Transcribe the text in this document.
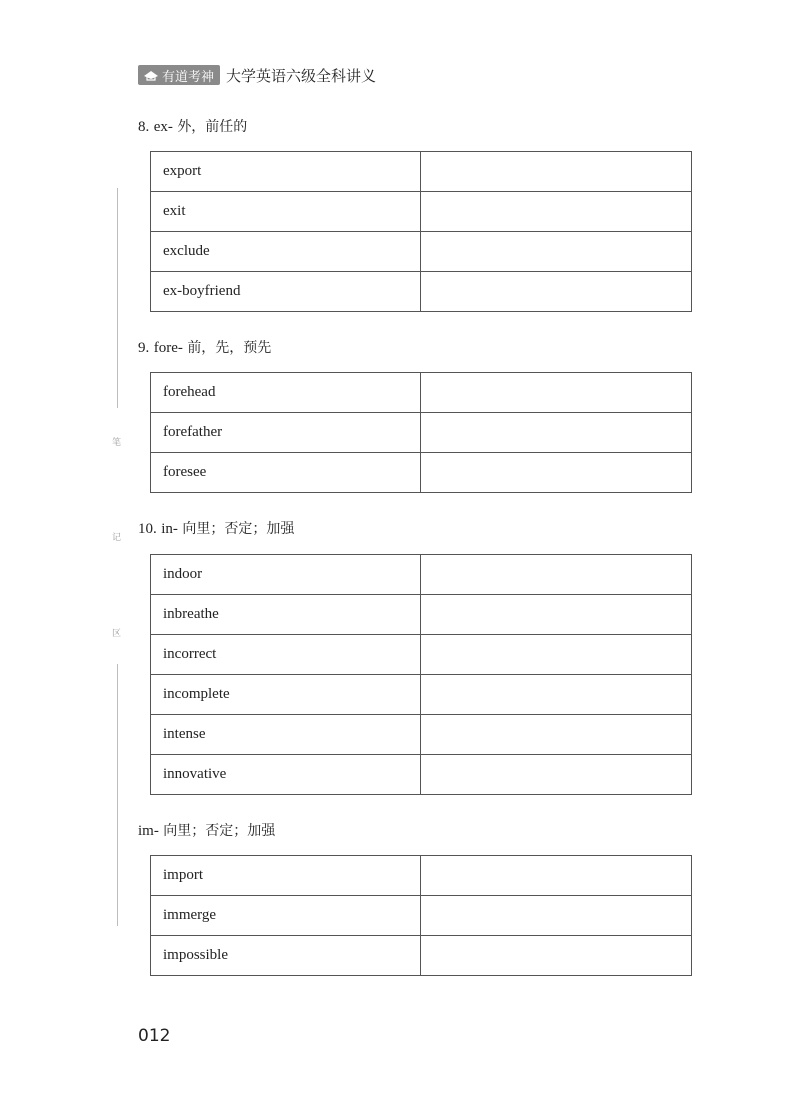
有道考神 大学英语六级全科讲义
笔
记
区
8. ex- 外，前任的
export	
exit	
exclude	
ex-boyfriend	
9. fore- 前，先，预先
forehead	
forefather	
foresee	
10. in- 向里；否定；加强
indoor	
inbreathe	
incorrect	
incomplete	
intense	
innovative	
im- 向里；否定；加强
import	
immerge	
impossible	
012
